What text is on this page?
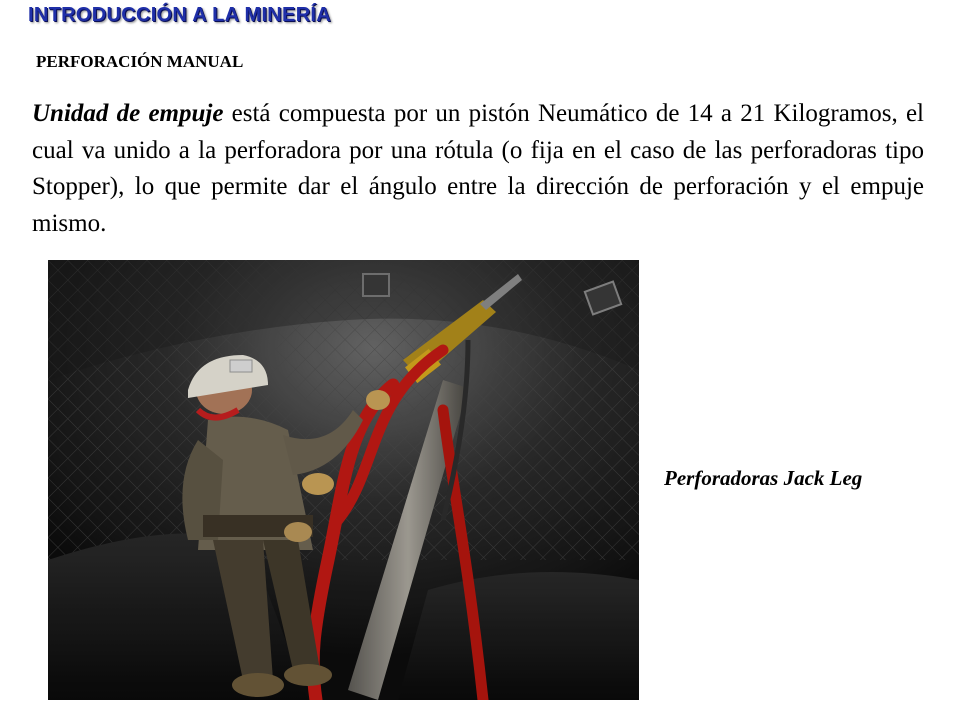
INTRODUCCIÓN A LA MINERÍA
PERFORACIÓN MANUAL

Unidad de empuje está compuesta por un pistón Neumático de 14 a 21 Kilogramos, el cual va unido a la perforadora por una rótula (o fija en el caso de las perforadoras tipo Stopper), lo que permite dar el ángulo entre la dirección de perforación y el empuje mismo.

Perforadoras Jack Leg
